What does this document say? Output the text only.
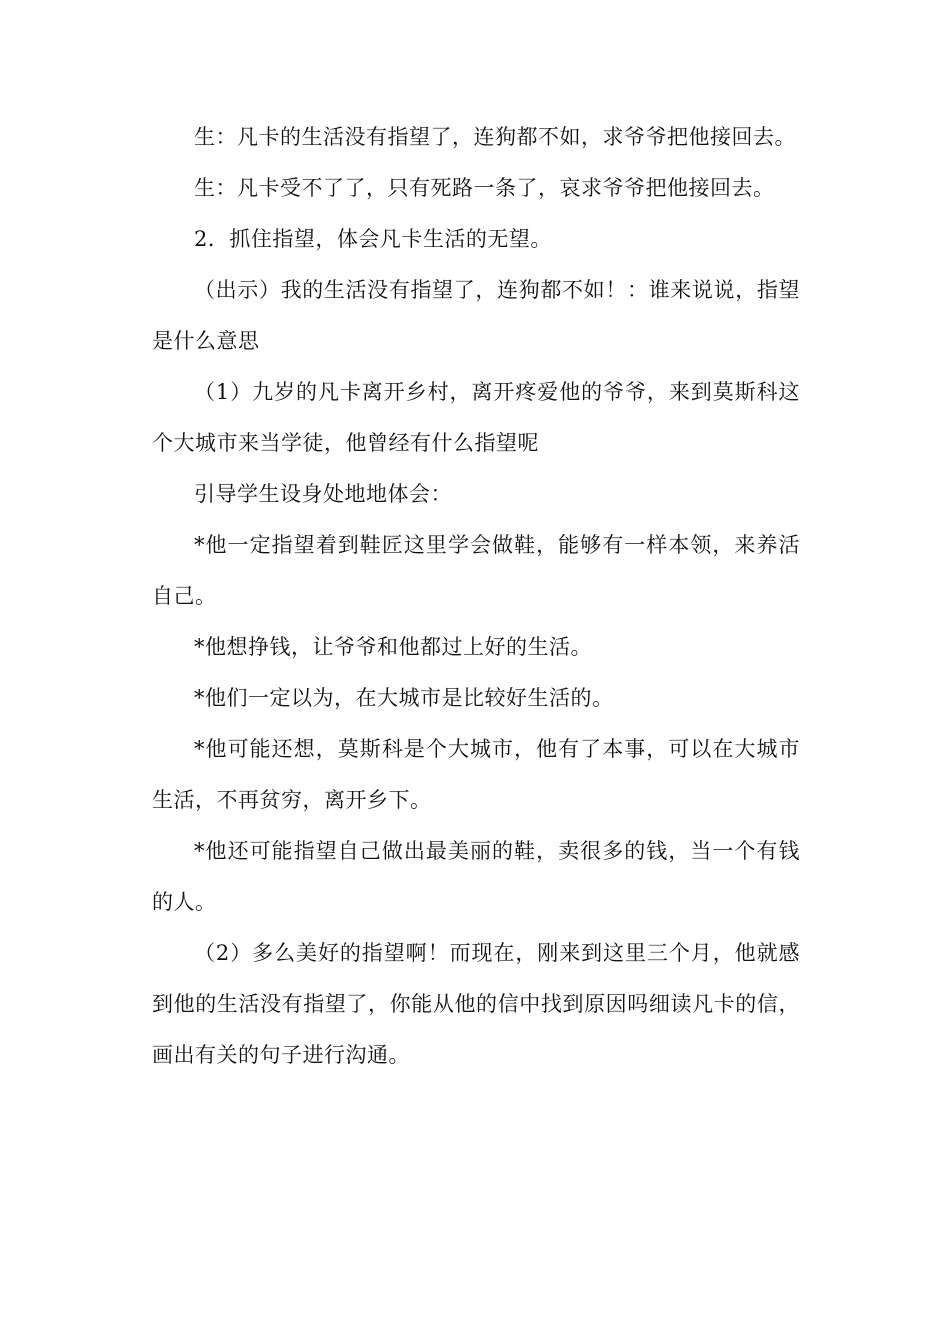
生：凡卡的生活没有指望了，连狗都不如，求爷爷把他接回去。

生：凡卡受不了了，只有死路一条了，哀求爷爷把他接回去。

2．抓住指望，体会凡卡生活的无望。

（出示）我的生活没有指望了，连狗都不如！：谁来说说，指望是什么意思

（1）九岁的凡卡离开乡村，离开疼爱他的爷爷，来到莫斯科这个大城市来当学徒，他曾经有什么指望呢

引导学生设身处地地体会：

*他一定指望着到鞋匠这里学会做鞋，能够有一样本领，来养活自己。

*他想挣钱，让爷爷和他都过上好的生活。

*他们一定以为，在大城市是比较好生活的。

*他可能还想，莫斯科是个大城市，他有了本事，可以在大城市生活，不再贫穷，离开乡下。

*他还可能指望自己做出最美丽的鞋，卖很多的钱，当一个有钱的人。

（2）多么美好的指望啊！而现在，刚来到这里三个月，他就感到他的生活没有指望了，你能从他的信中找到原因吗细读凡卡的信，画出有关的句子进行沟通。
